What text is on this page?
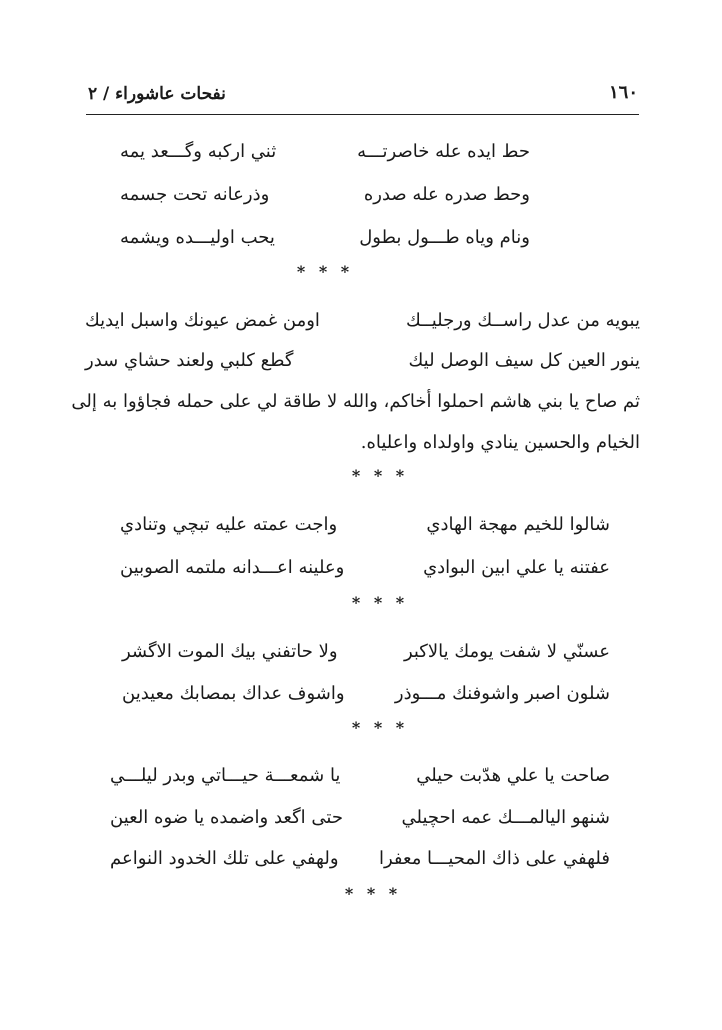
نفحات عاشوراء / ٢	١٦٠
حط ايده عله خاصرتـــه
ثني اركبه وگـــعد يمه
وحط صدره عله صدره
وذرعانه تحت جسمه
ونام وياه طـــول بطول
يحب اوليـــده ويشمه
* * *
يبويه من عدل راســك ورجليــك
اومن غمض عيونك واسبل ايديك
ينور العين كل سيف الوصل ليك
گطع كلبي ولعند حشاي سدر
ثم صاح يا بني هاشم احملوا أخاكم، والله لا طاقة لي على حمله فجاؤوا به إلى
الخيام والحسين ينادي واولداه واعلياه.
* * *
شالوا للخيم مهجة الهادي
واجت عمته عليه تبچي وتنادي
عفتنه يا علي ابين البوادي
وعلينه اعـــدانه ملتمه الصوبين
* * *
عسنّي لا شفت يومك يالاكبر
ولا حاتفني بيك الموت الاگشر
شلون اصبر واشوفنك مـــوذر
واشوف عداك بمصابك معيدين
* * *
صاحت يا علي هدّبت حيلي
يا شمعـــة حيـــاتي وبدر ليلـــي
شنهو اليالمـــك عمه احچيلي
حتى اگعد واضمده يا ضوه العين
فلهفي على ذاك المحيـــا معفرا
ولهفي على تلك الخدود النواعم
* * *
